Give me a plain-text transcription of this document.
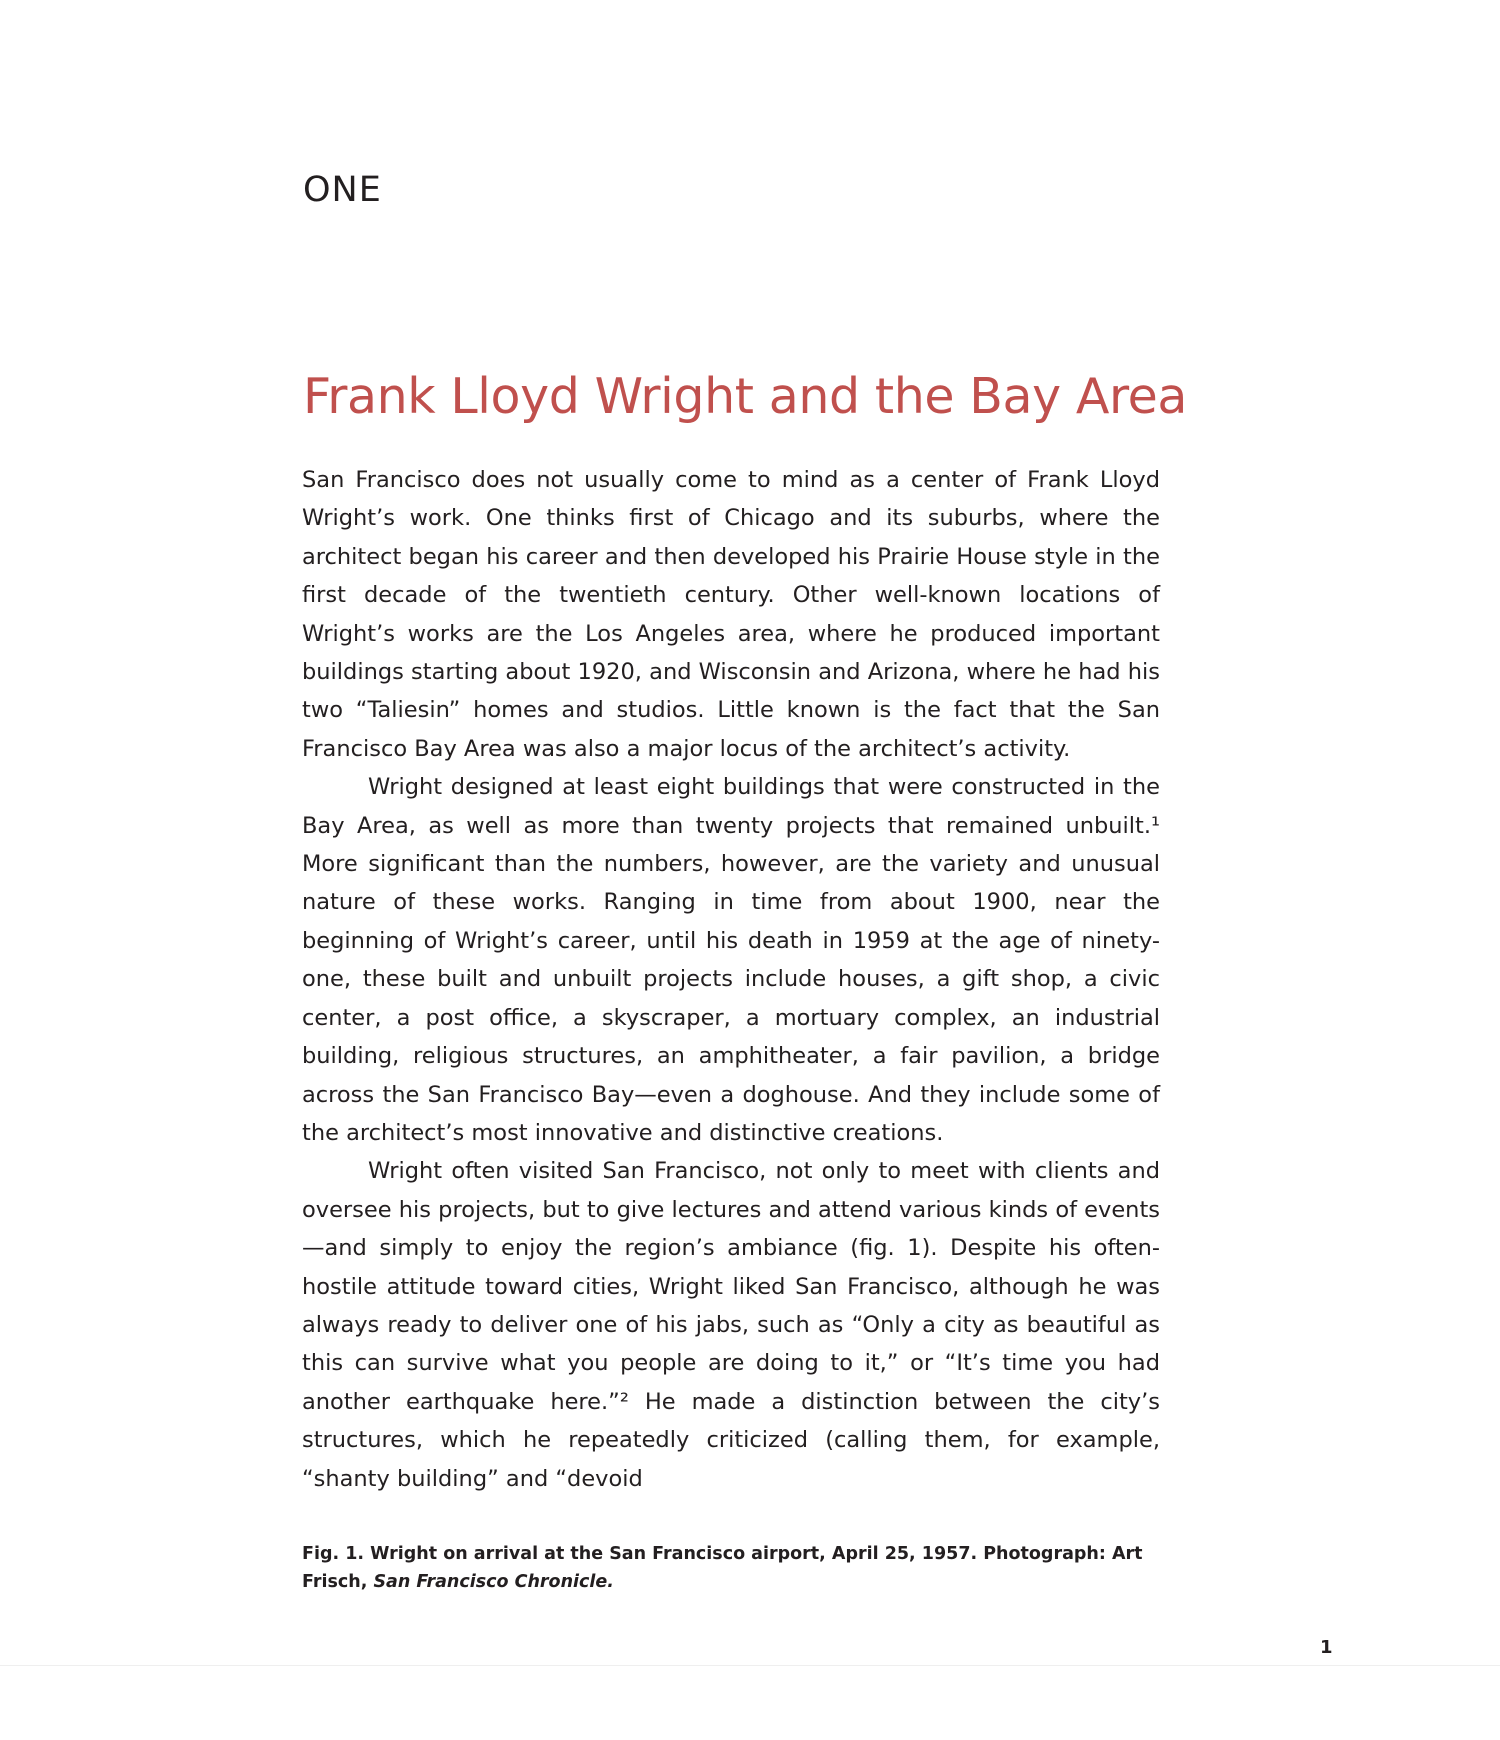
ONE
Frank Lloyd Wright and the Bay Area

San Francisco does not usually come to mind as a center of Frank Lloyd Wright’s work. One thinks first of Chicago and its suburbs, where the architect began his career and then developed his Prairie House style in the first decade of the twentieth century. Other well-known locations of Wright’s works are the Los Angeles area, where he produced important buildings starting about 1920, and Wisconsin and Arizona, where he had his two “Taliesin” homes and studios. Little known is the fact that the San Francisco Bay Area was also a major locus of the architect’s activity.

Wright designed at least eight buildings that were constructed in the Bay Area, as well as more than twenty projects that remained unbuilt.¹ More significant than the numbers, however, are the variety and unusual nature of these works. Ranging in time from about 1900, near the beginning of Wright’s career, until his death in 1959 at the age of ninety-one, these built and unbuilt projects include houses, a gift shop, a civic center, a post office, a skyscraper, a mortuary complex, an industrial building, religious structures, an amphitheater, a fair pavilion, a bridge across the San Francisco Bay—even a doghouse. And they include some of the architect’s most innovative and distinctive creations.

Wright often visited San Francisco, not only to meet with clients and oversee his projects, but to give lectures and attend various kinds of events—and simply to enjoy the region’s ambiance (fig. 1). Despite his often-hostile attitude toward cities, Wright liked San Francisco, although he was always ready to deliver one of his jabs, such as “Only a city as beautiful as this can survive what you people are doing to it,” or “It’s time you had another earthquake here.”² He made a distinction between the city’s structures, which he repeatedly criticized (calling them, for example, “shanty building” and “devoid

Fig. 1. Wright on arrival at the San Francisco airport, April 25, 1957. Photograph: Art Frisch, San Francisco Chronicle.
1
